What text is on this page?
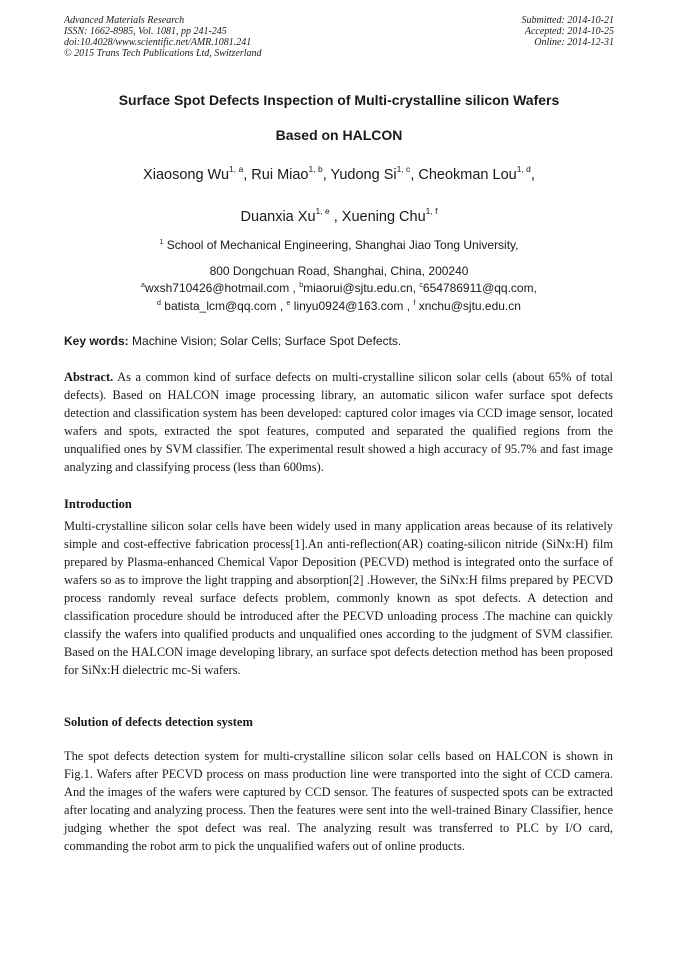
Advanced Materials Research
ISSN: 1662-8985, Vol. 1081, pp 241-245
doi:10.4028/www.scientific.net/AMR.1081.241
© 2015 Trans Tech Publications Ltd, Switzerland
Submitted: 2014-10-21
Accepted: 2014-10-25
Online: 2014-12-31
Surface Spot Defects Inspection of Multi-crystalline silicon Wafers
Based on HALCON
Xiaosong Wu$^{1, a}$, Rui Miao$^{1, b}$, Yudong Si$^{1, c}$, Cheokman Lou$^{1, d}$,
Duanxia Xu$^{1, e}$ , Xuening Chu$^{1, f}$
$^1$ School of Mechanical Engineering, Shanghai Jiao Tong University,
800 Dongchuan Road, Shanghai, China, 200240
$^a$wxsh710426@hotmail.com , $^b$miaorui@sjtu.edu.cn, $^c$654786911@qq.com,
$^d$ batista_lcm@qq.com , $^e$ linyu0924@163.com , $^f$ xnchu@sjtu.edu.cn
Key words: Machine Vision; Solar Cells; Surface Spot Defects.
Abstract. As a common kind of surface defects on multi-crystalline silicon solar cells (about 65% of total defects). Based on HALCON image processing library, an automatic silicon wafer surface spot defects detection and classification system has been developed: captured color images via CCD image sensor, located wafers and spots, extracted the spot features, computed and separated the qualified regions from the unqualified ones by SVM classifier. The experimental result showed a high accuracy of 95.7% and fast image analyzing and classifying process (less than 600ms).
Introduction
Multi-crystalline silicon solar cells have been widely used in many application areas because of its relatively simple and cost-effective fabrication process[1].An anti-reflection(AR) coating-silicon nitride (SiNx:H) film prepared by Plasma-enhanced Chemical Vapor Deposition (PECVD) method is integrated onto the surface of wafers so as to improve the light trapping and absorption[2] .However, the SiNx:H films prepared by PECVD process randomly reveal surface defects problem, commonly known as spot defects. A detection and classification procedure should be introduced after the PECVD unloading process .The machine can quickly classify the wafers into qualified products and unqualified ones according to the judgment of SVM classifier. Based on the HALCON image developing library, an surface spot defects detection method has been proposed for SiNx:H dielectric mc-Si wafers.
Solution of defects detection system
The spot defects detection system for multi-crystalline silicon solar cells based on HALCON is shown in Fig.1. Wafers after PECVD process on mass production line were transported into the sight of CCD camera. And the images of the wafers were captured by CCD sensor. The features of suspected spots can be extracted after locating and analyzing process. Then the features were sent into the well-trained Binary Classifier, hence judging whether the spot defect was real. The analyzing result was transferred to PLC by I/O card, commanding the robot arm to pick the unqualified wafers out of online products.
